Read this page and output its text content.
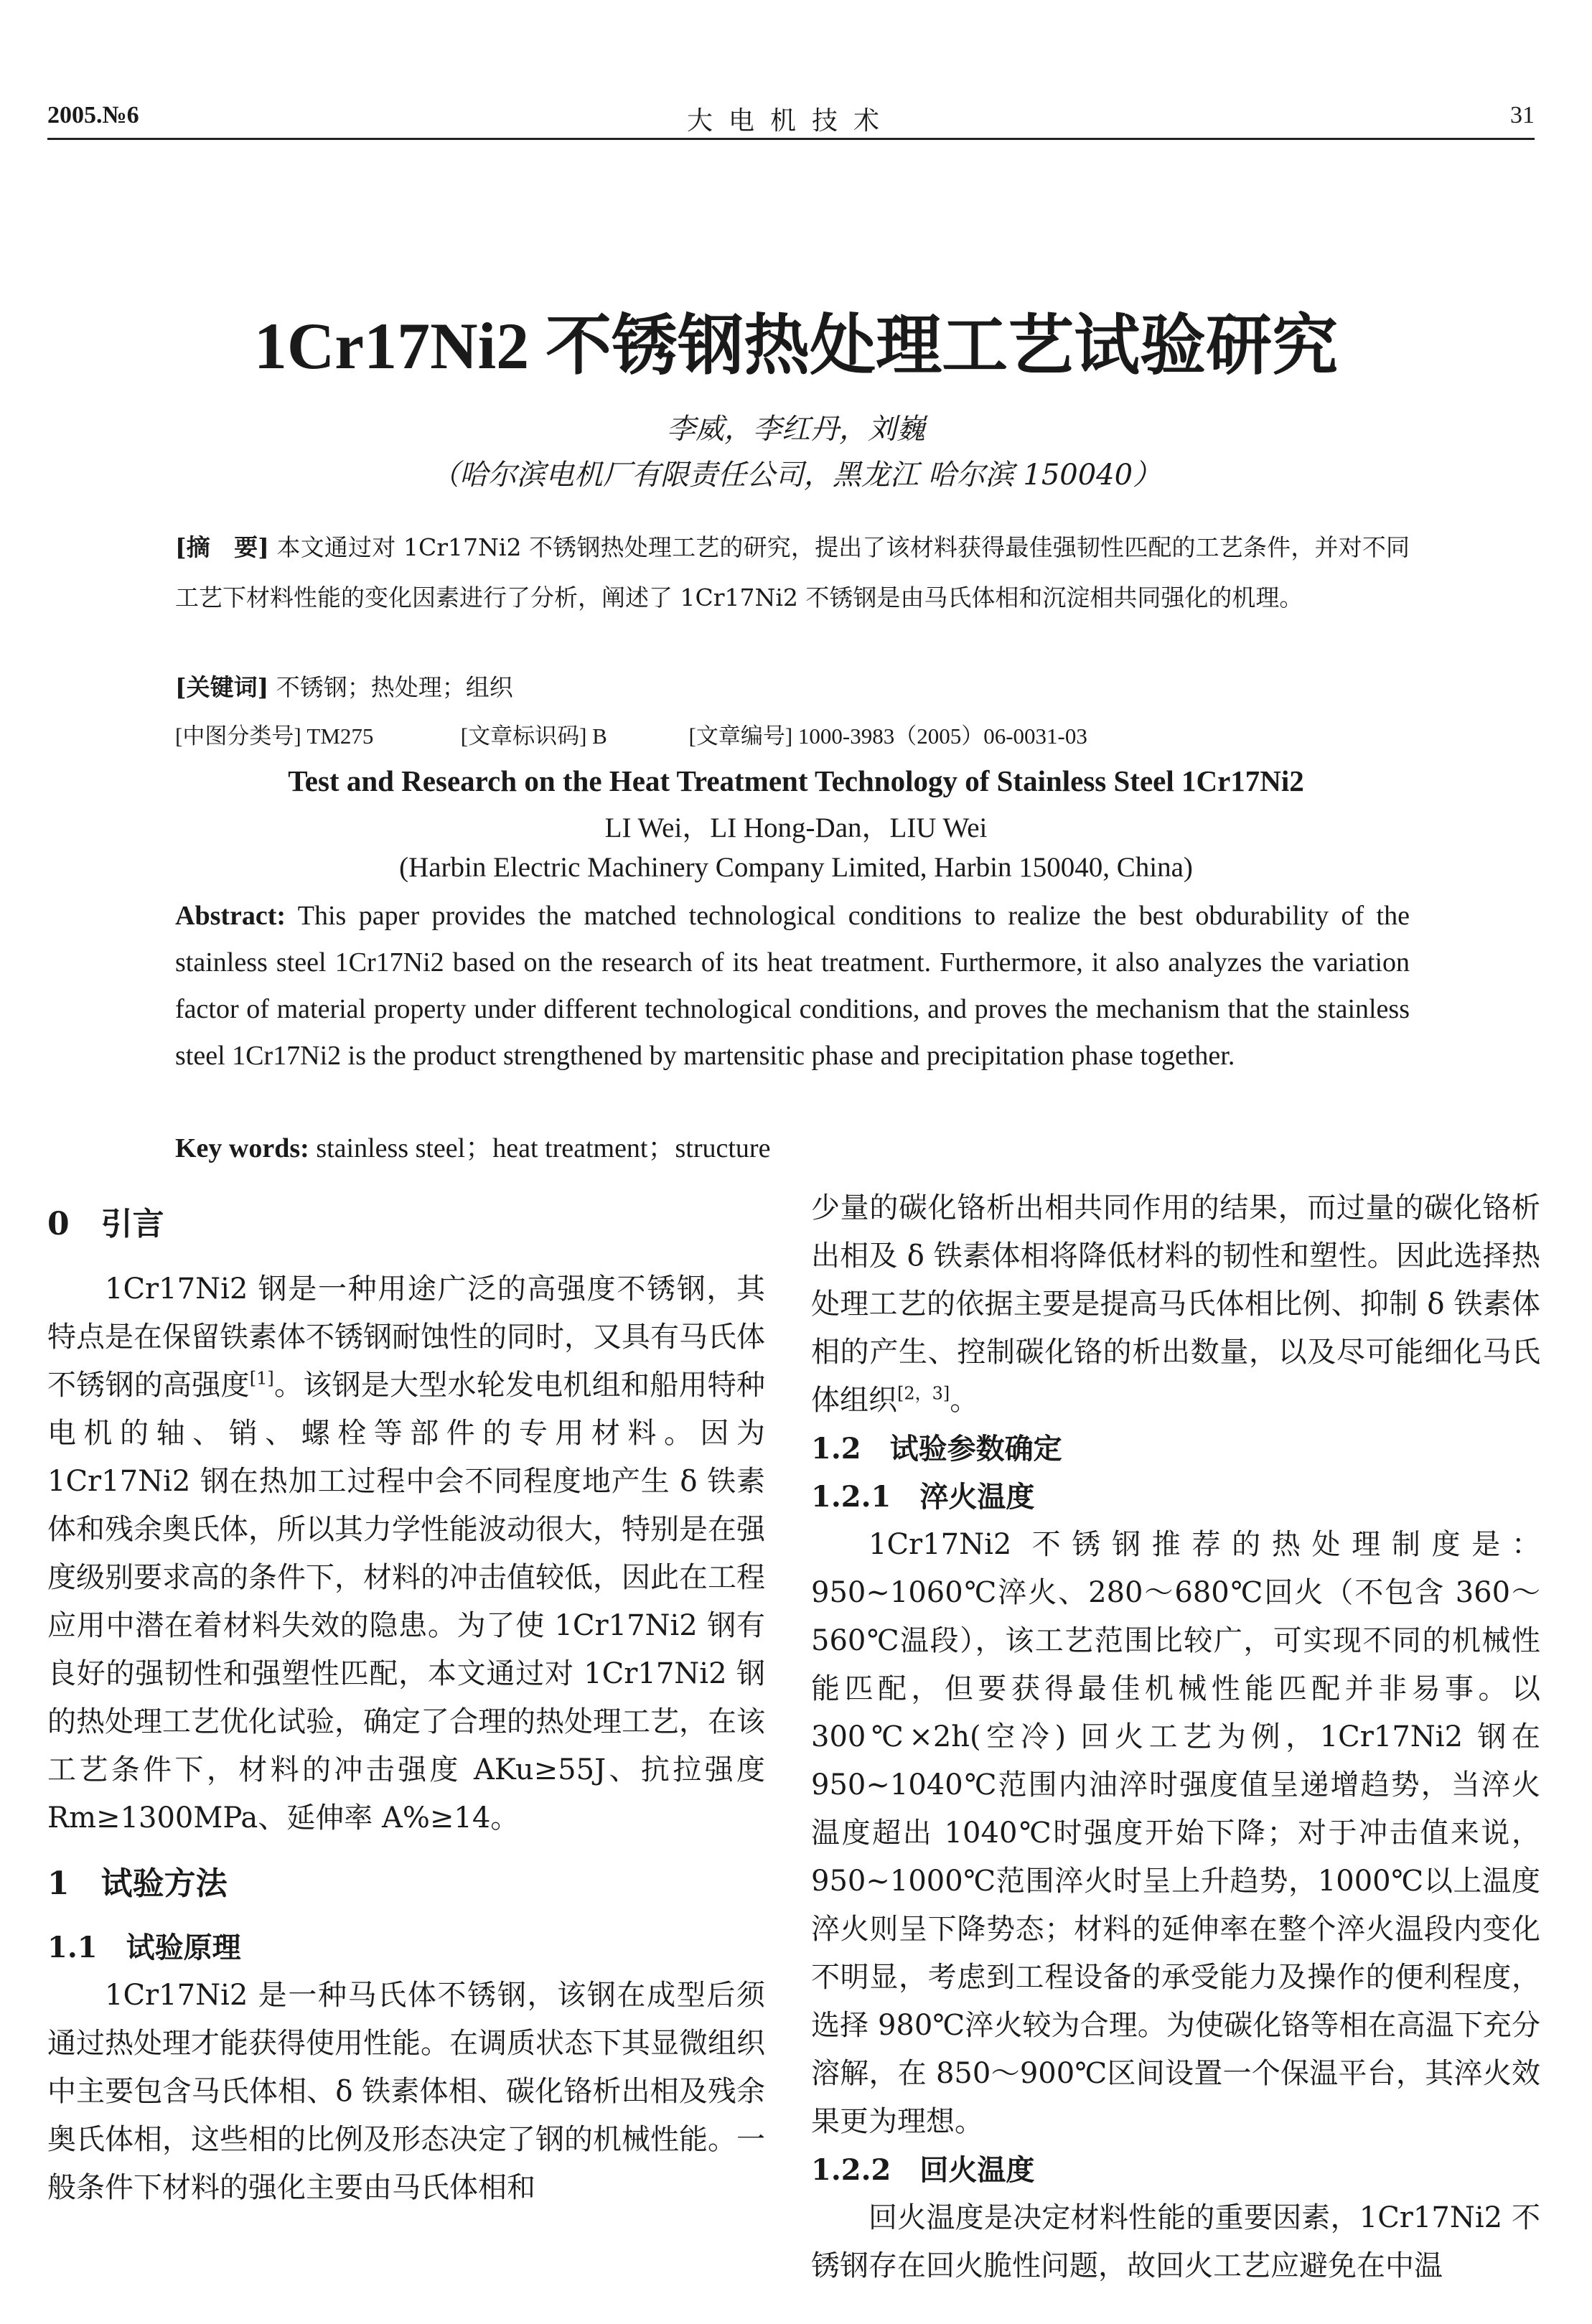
2005.№6	大电机技术	31
1Cr17Ni2 不锈钢热处理工艺试验研究
李威，李红丹，刘巍
（哈尔滨电机厂有限责任公司，黑龙江 哈尔滨 150040）
[摘　要] 本文通过对 1Cr17Ni2 不锈钢热处理工艺的研究，提出了该材料获得最佳强韧性匹配的工艺条件，并对不同工艺下材料性能的变化因素进行了分析，阐述了 1Cr17Ni2 不锈钢是由马氏体相和沉淀相共同强化的机理。
[关键词] 不锈钢；热处理；组织
[中图分类号] TM275	[文章标识码] B	[文章编号] 1000-3983（2005）06-0031-03
Test and Research on the Heat Treatment Technology of Stainless Steel 1Cr17Ni2
LI Wei，LI Hong-Dan，LIU Wei
(Harbin Electric Machinery Company Limited, Harbin 150040, China)
Abstract: This paper provides the matched technological conditions to realize the best obdurability of the stainless steel 1Cr17Ni2 based on the research of its heat treatment. Furthermore, it also analyzes the variation factor of material property under different technological conditions, and proves the mechanism that the stainless steel 1Cr17Ni2 is the product strengthened by martensitic phase and precipitation phase together.
Key words: stainless steel；heat treatment；structure
0　引言

1Cr17Ni2 钢是一种用途广泛的高强度不锈钢，其特点是在保留铁素体不锈钢耐蚀性的同时，又具有马氏体不锈钢的高强度[1]。该钢是大型水轮发电机组和船用特种电机的轴、销、螺栓等部件的专用材料。因为 1Cr17Ni2 钢在热加工过程中会不同程度地产生 δ 铁素体和残余奥氏体，所以其力学性能波动很大，特别是在强度级别要求高的条件下，材料的冲击值较低，因此在工程应用中潜在着材料失效的隐患。为了使 1Cr17Ni2 钢有良好的强韧性和强塑性匹配，本文通过对 1Cr17Ni2 钢的热处理工艺优化试验，确定了合理的热处理工艺，在该工艺条件下，材料的冲击强度 AKu≥55J、抗拉强度 Rm≥1300MPa、延伸率 A%≥14。

1　试验方法
1.1　试验原理

1Cr17Ni2 是一种马氏体不锈钢，该钢在成型后须通过热处理才能获得使用性能。在调质状态下其显微组织中主要包含马氏体相、δ 铁素体相、碳化铬析出相及残余奥氏体相，这些相的比例及形态决定了钢的机械性能。一般条件下材料的强化主要由马氏体相和

少量的碳化铬析出相共同作用的结果，而过量的碳化铬析出相及 δ 铁素体相将降低材料的韧性和塑性。因此选择热处理工艺的依据主要是提高马氏体相比例、抑制 δ 铁素体相的产生、控制碳化铬的析出数量，以及尽可能细化马氏体组织[2，3]。

1.2　试验参数确定
1.2.1　淬火温度

1Cr17Ni2 不锈钢推荐的热处理制度是：950~1060℃淬火、280～680℃回火（不包含 360～560℃温段），该工艺范围比较广，可实现不同的机械性能匹配，但要获得最佳机械性能匹配并非易事。以 300℃×2h(空冷) 回火工艺为例，1Cr17Ni2 钢在 950~1040℃范围内油淬时强度值呈递增趋势，当淬火温度超出 1040℃时强度开始下降；对于冲击值来说，950~1000℃范围淬火时呈上升趋势，1000℃以上温度淬火则呈下降势态；材料的延伸率在整个淬火温段内变化不明显，考虑到工程设备的承受能力及操作的便利程度，选择 980℃淬火较为合理。为使碳化铬等相在高温下充分溶解，在 850～900℃区间设置一个保温平台，其淬火效果更为理想。

1.2.2　回火温度

回火温度是决定材料性能的重要因素，1Cr17Ni2 不锈钢存在回火脆性问题，故回火工艺应避免在中温
